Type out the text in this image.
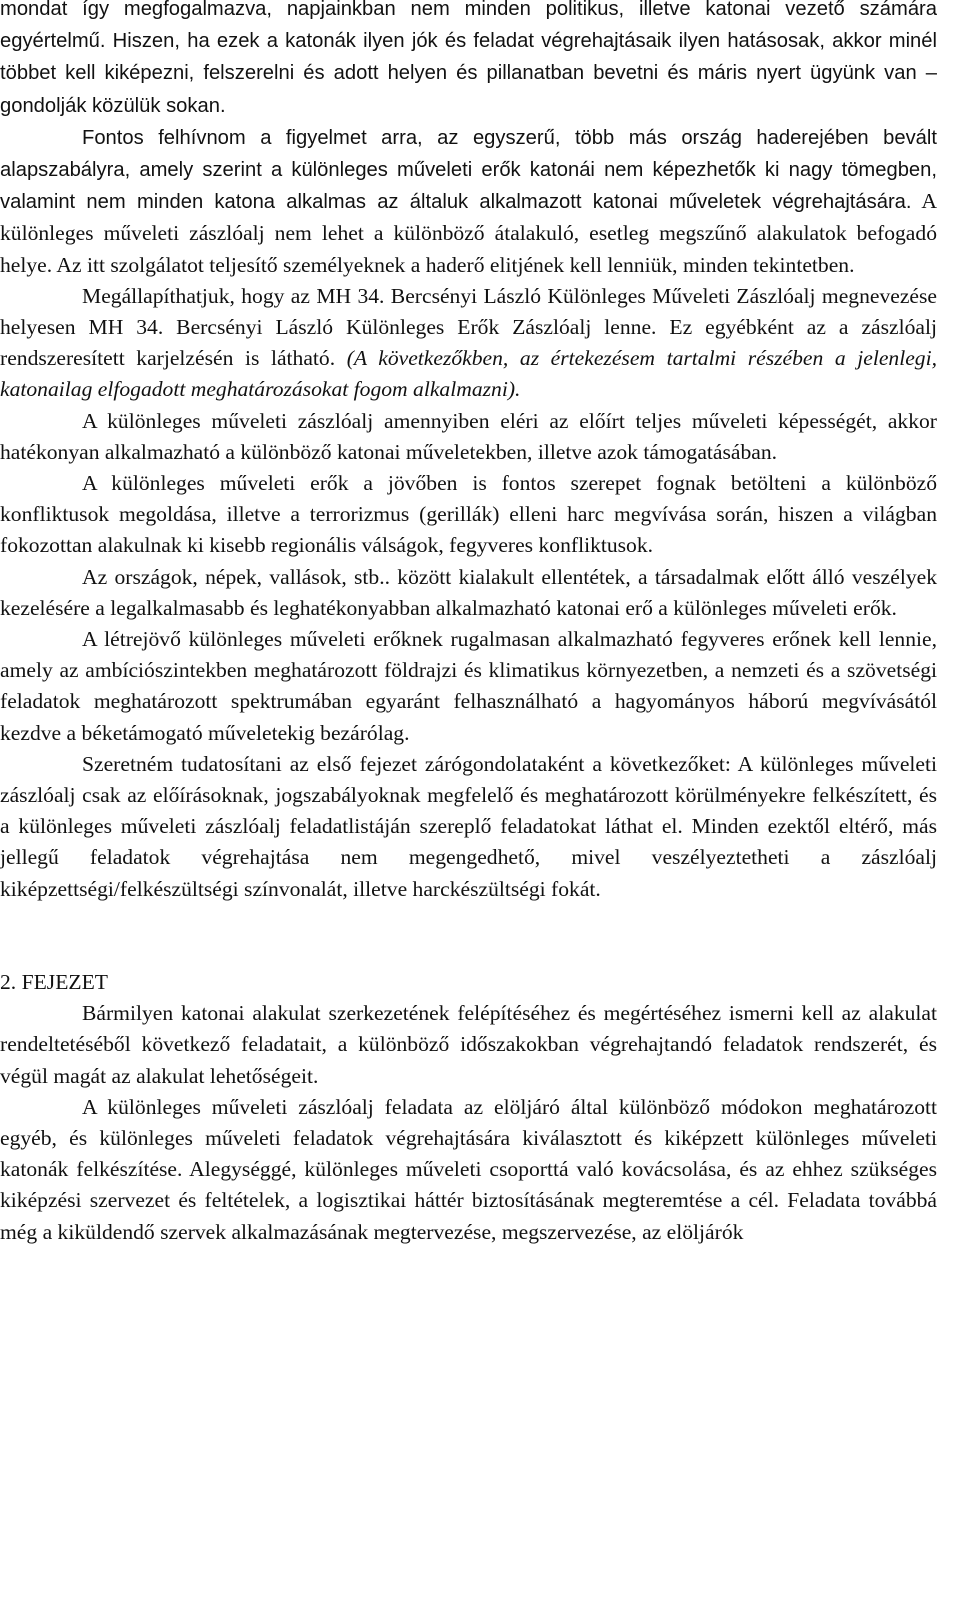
mondat így megfogalmazva, napjainkban nem minden politikus, illetve katonai vezető számára egyértelmű. Hiszen, ha ezek a katonák ilyen jók és feladat végrehajtásaik ilyen hatásosak, akkor minél többet kell kiképezni, felszerelni és adott helyen és pillanatban bevetni és máris nyert ügyünk van – gondolják közülük sokan.

Fontos felhívnom a figyelmet arra, az egyszerű, több más ország haderejében bevált alapszabályra, amely szerint a különleges műveleti erők katonái nem képezhetők ki nagy tömegben, valamint nem minden katona alkalmas az általuk alkalmazott katonai műveletek végrehajtására. A különleges műveleti zászlóalj nem lehet a különböző átalakuló, esetleg megszűnő alakulatok befogadó helye. Az itt szolgálatot teljesítő személyeknek a haderő elitjének kell lenniük, minden tekintetben.

Megállapíthatjuk, hogy az MH 34. Bercsényi László Különleges Műveleti Zászlóalj megnevezése helyesen MH 34. Bercsényi László Különleges Erők Zászlóalj lenne. Ez egyébként az a zászlóalj rendszeresített karjelzésén is látható. (A következőkben, az értekezésem tartalmi részében a jelenlegi, katonailag elfogadott meghatározásokat fogom alkalmazni).

A különleges műveleti zászlóalj amennyiben eléri az előírt teljes műveleti képességét, akkor hatékonyan alkalmazható a különböző katonai műveletekben, illetve azok támogatásában.

A különleges műveleti erők a jövőben is fontos szerepet fognak betölteni a különböző konfliktusok megoldása, illetve a terrorizmus (gerillák) elleni harc megvívása során, hiszen a világban fokozottan alakulnak ki kisebb regionális válságok, fegyveres konfliktusok.

Az országok, népek, vallások, stb.. között kialakult ellentétek, a társadalmak előtt álló veszélyek kezelésére a legalkalmasabb és leghatékonyabban alkalmazható katonai erő a különleges műveleti erők.

A létrejövő különleges műveleti erőknek rugalmasan alkalmazható fegyveres erőnek kell lennie, amely az ambíciószintekben meghatározott földrajzi és klimatikus környezetben, a nemzeti és a szövetségi feladatok meghatározott spektrumában egyaránt felhasználható a hagyományos háború megvívásától kezdve a béketámogató műveletekig bezárólag.

Szeretném tudatosítani az első fejezet zárógondolataként a következőket: A különleges műveleti zászlóalj csak az előírásoknak, jogszabályoknak megfelelő és meghatározott körülményekre felkészített, és a különleges műveleti zászlóalj feladatlistáján szereplő feladatokat láthat el. Minden ezektől eltérő, más jellegű feladatok végrehajtása nem megengedhető, mivel veszélyeztetheti a zászlóalj kiképzettségi/felkészültségi színvonalát, illetve harckészültségi fokát.

2. FEJEZET

Bármilyen katonai alakulat szerkezetének felépítéséhez és megértéséhez ismerni kell az alakulat rendeltetéséből következő feladatait, a különböző időszakokban végrehajtandó feladatok rendszerét, és végül magát az alakulat lehetőségeit.

A különleges műveleti zászlóalj feladata az elöljáró által különböző módokon meghatározott egyéb, és különleges műveleti feladatok végrehajtására kiválasztott és kiképzett különleges műveleti katonák felkészítése. Alegységgé, különleges műveleti csoporttá való kovácsolása, és az ehhez szükséges kiképzési szervezet és feltételek, a logisztikai háttér biztosításának megteremtése a cél. Feladata továbbá még a kiküldendő szervek alkalmazásának megtervezése, megszervezése, az elöljárók
